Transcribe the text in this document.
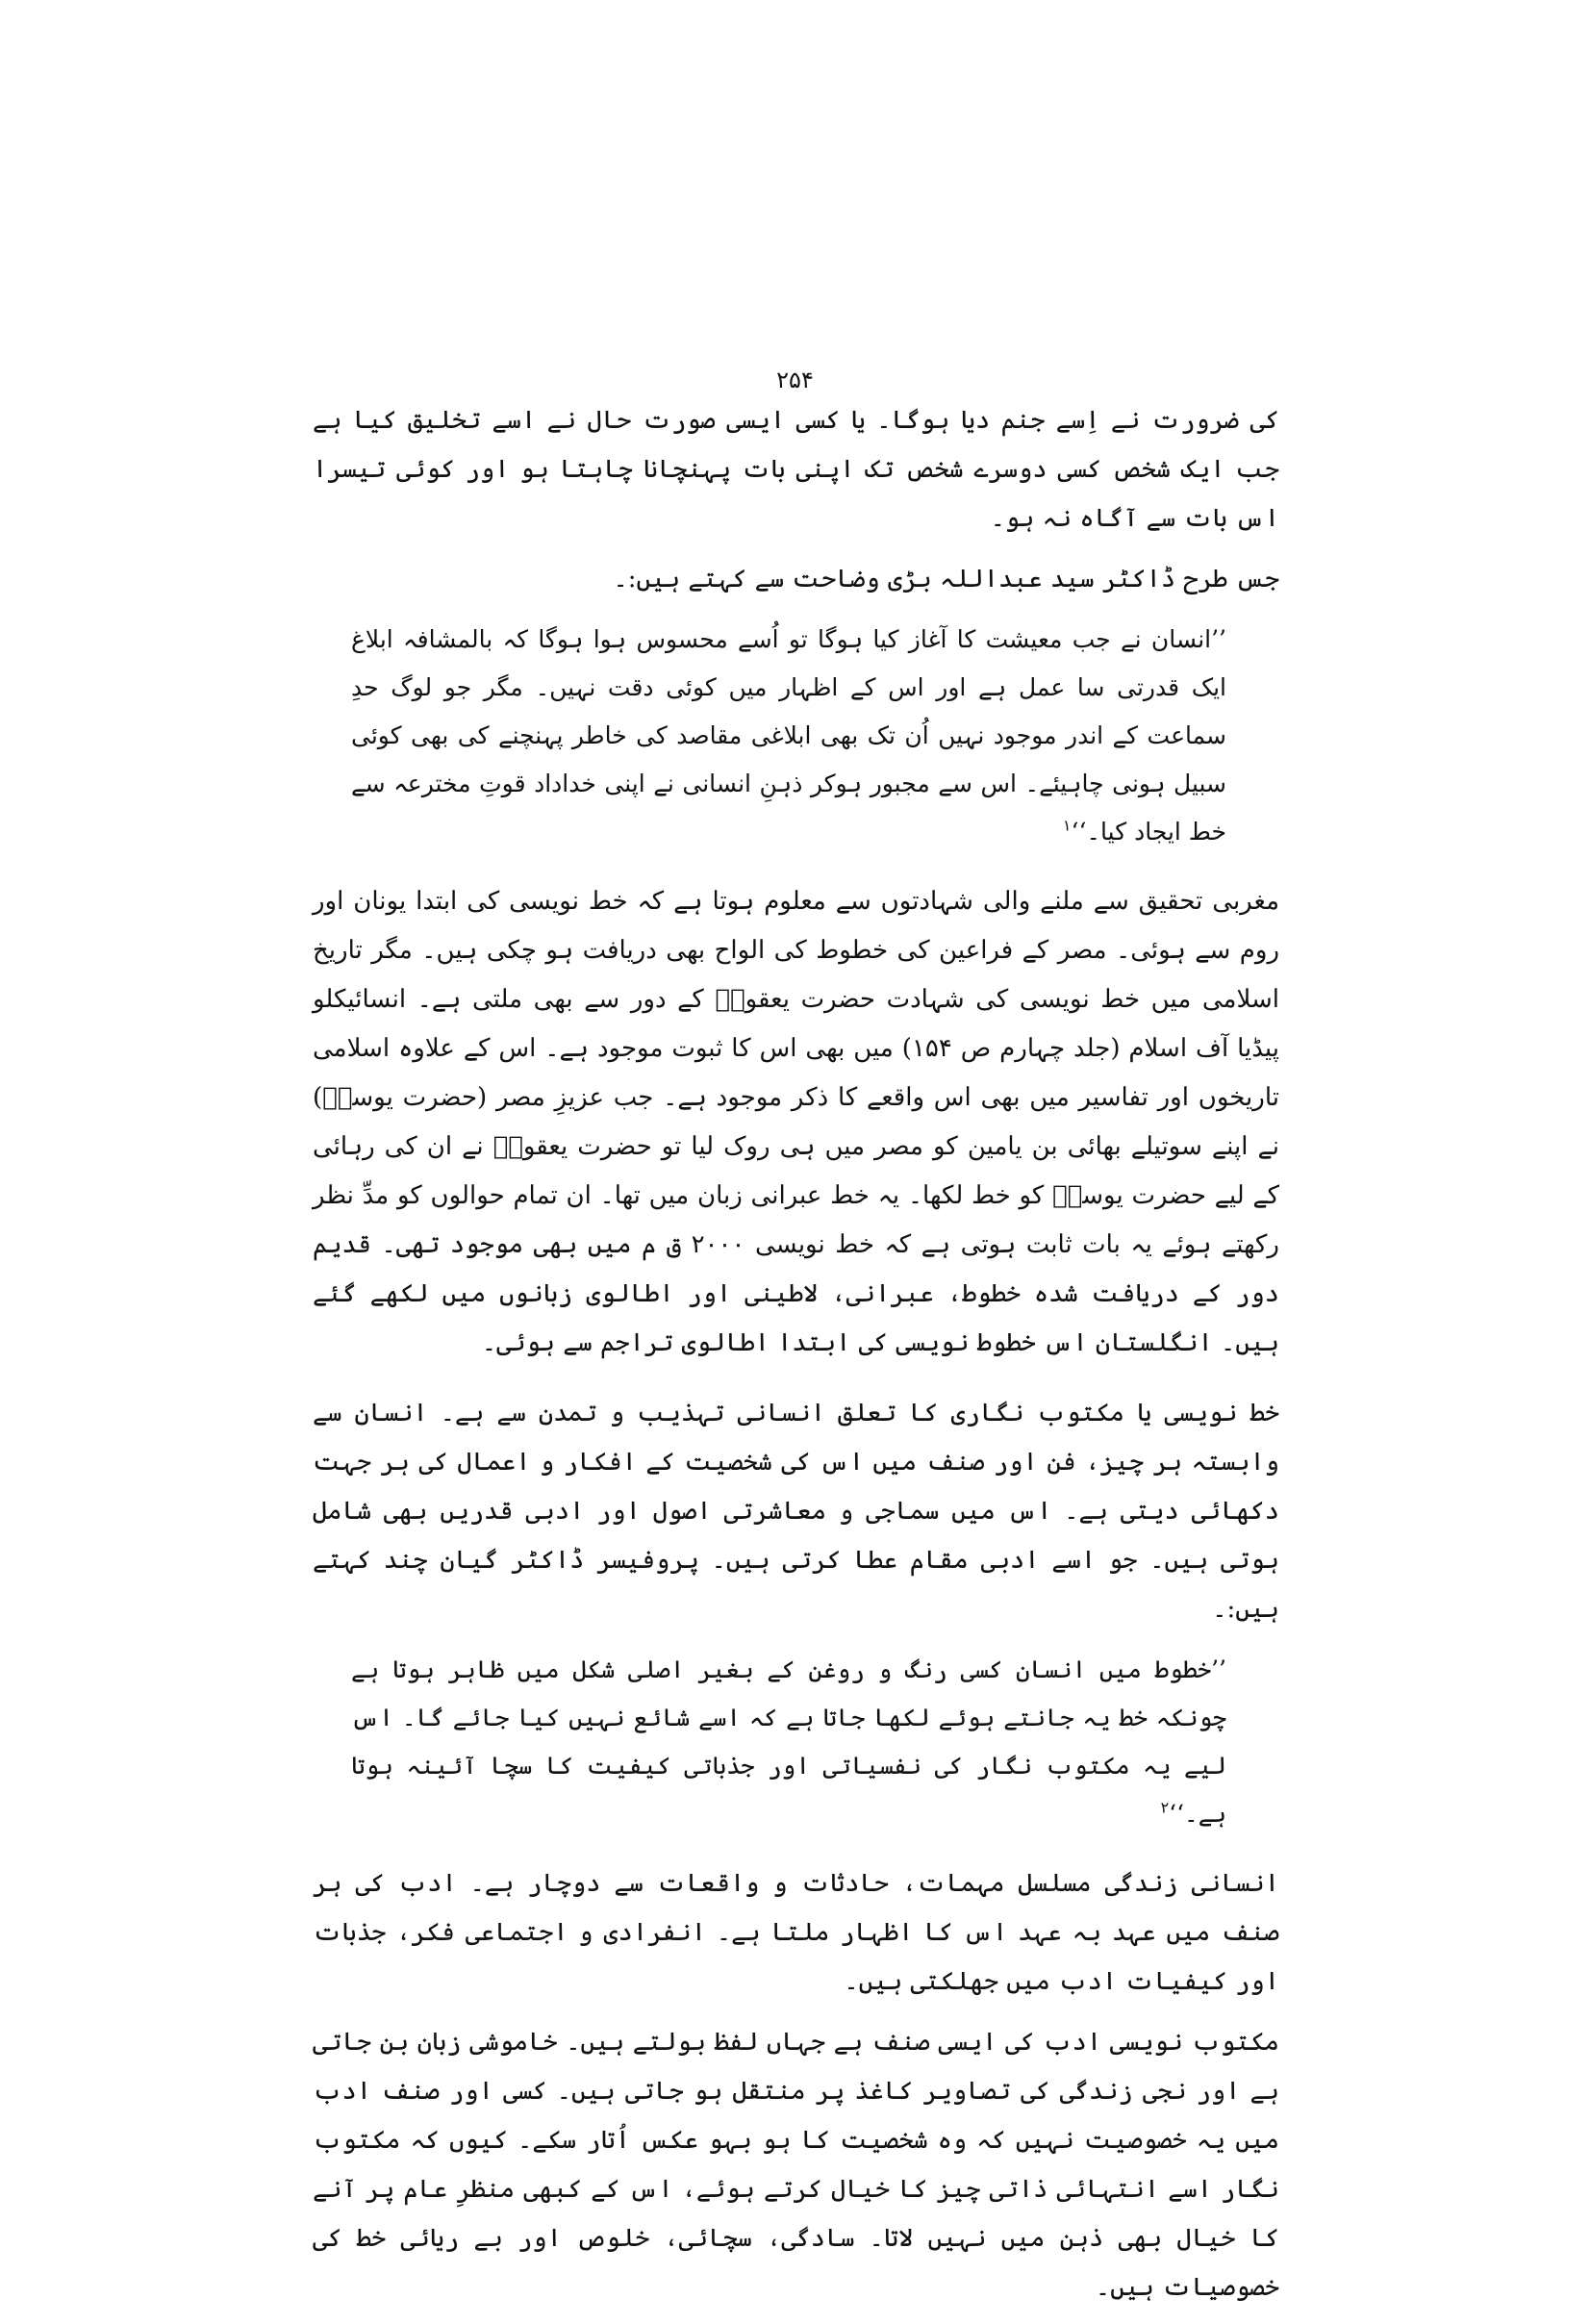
۲۵۴

کی ضرورت نے اِسے جنم دیا ہوگا۔ یا کسی ایسی صورت حال نے اسے تخلیق کیا ہے جب ایک شخص کسی دوسرے شخص تک اپنی بات پہنچانا چاہتا ہو اور کوئی تیسرا اس بات سے آگاہ نہ ہو۔

جس طرح ڈاکٹر سید عبداللہ بڑی وضاحت سے کہتے ہیں:۔

’’انسان نے جب معیشت کا آغاز کیا ہوگا تو اُسے محسوس ہوا ہوگا کہ بالمشافہ ابلاغ ایک قدرتی سا عمل ہے اور اس کے اظہار میں کوئی دقت نہیں۔ مگر جو لوگ حدِ سماعت کے اندر موجود نہیں اُن تک بھی ابلاغی مقاصد کی خاطر پہنچنے کی بھی کوئی سبیل ہونی چاہیئے۔ اس سے مجبور ہوکر ذہنِ انسانی نے اپنی خداداد قوتِ مخترعہ سے خط ایجاد کیا۔‘‘$^۱$

مغربی تحقیق سے ملنے والی شہادتوں سے معلوم ہوتا ہے کہ خط نویسی کی ابتدا یونان اور روم سے ہوئی۔ مصر کے فراعین کی خطوط کی الواح بھی دریافت ہو چکی ہیں۔ مگر تاریخ اسلامی میں خط نویسی کی شہادت حضرت یعقوبؑ کے دور سے بھی ملتی ہے۔ انسائیکلو پیڈیا آف اسلام (جلد چہارم ص ۱۵۴) میں بھی اس کا ثبوت موجود ہے۔ اس کے علاوہ اسلامی تاریخوں اور تفاسیر میں بھی اس واقعے کا ذکر موجود ہے۔ جب عزیزِ مصر (حضرت یوسفؑ) نے اپنے سوتیلے بھائی بن یامین کو مصر میں ہی روک لیا تو حضرت یعقوبؑ نے ان کی رہائی کے لیے حضرت یوسفؑ کو خط لکھا۔ یہ خط عبرانی زبان میں تھا۔ ان تمام حوالوں کو مدِّ نظر رکھتے ہوئے یہ بات ثابت ہوتی ہے کہ خط نویسی ۲۰۰۰ ق م میں بھی موجود تھی۔ قدیم دور کے دریافت شدہ خطوط، عبرانی، لاطینی اور اطالوی زبانوں میں لکھے گئے ہیں۔ انگلستان اس خطوط نویسی کی ابتدا اطالوی تراجم سے ہوئی۔

خط نویسی یا مکتوب نگاری کا تعلق انسانی تہذیب و تمدن سے ہے۔ انسان سے وابستہ ہر چیز، فن اور صنف میں اس کی شخصیت کے افکار و اعمال کی ہر جہت دکھائی دیتی ہے۔ اس میں سماجی و معاشرتی اصول اور ادبی قدریں بھی شامل ہوتی ہیں۔ جو اسے ادبی مقام عطا کرتی ہیں۔ پروفیسر ڈاکٹر گیان چند کہتے ہیں:۔

’’خطوط میں انسان کسی رنگ و روغن کے بغیر اصلی شکل میں ظاہر ہوتا ہے چونکہ خط یہ جانتے ہوئے لکھا جاتا ہے کہ اسے شائع نہیں کیا جائے گا۔ اس لیے یہ مکتوب نگار کی نفسیاتی اور جذباتی کیفیت کا سچا آئینہ ہوتا ہے۔‘‘$^۲$

انسانی زندگی مسلسل مہمات، حادثات و واقعات سے دوچار ہے۔ ادب کی ہر صنف میں عہد بہ عہد اس کا اظہار ملتا ہے۔ انفرادی و اجتماعی فکر، جذبات اور کیفیات ادب میں جھلکتی ہیں۔

مکتوب نویسی ادب کی ایسی صنف ہے جہاں لفظ بولتے ہیں۔ خاموشی زبان بن جاتی ہے اور نجی زندگی کی تصاویر کاغذ پر منتقل ہو جاتی ہیں۔ کسی اور صنف ادب میں یہ خصوصیت نہیں کہ وہ شخصیت کا ہو بہو عکس اُتار سکے۔ کیوں کہ مکتوب نگار اسے انتہائی ذاتی چیز کا خیال کرتے ہوئے، اس کے کبھی منظرِ عام پر آنے کا خیال بھی ذہن میں نہیں لاتا۔ سادگی، سچائی، خلوص اور بے ریائی خط کی خصوصیات ہیں۔
